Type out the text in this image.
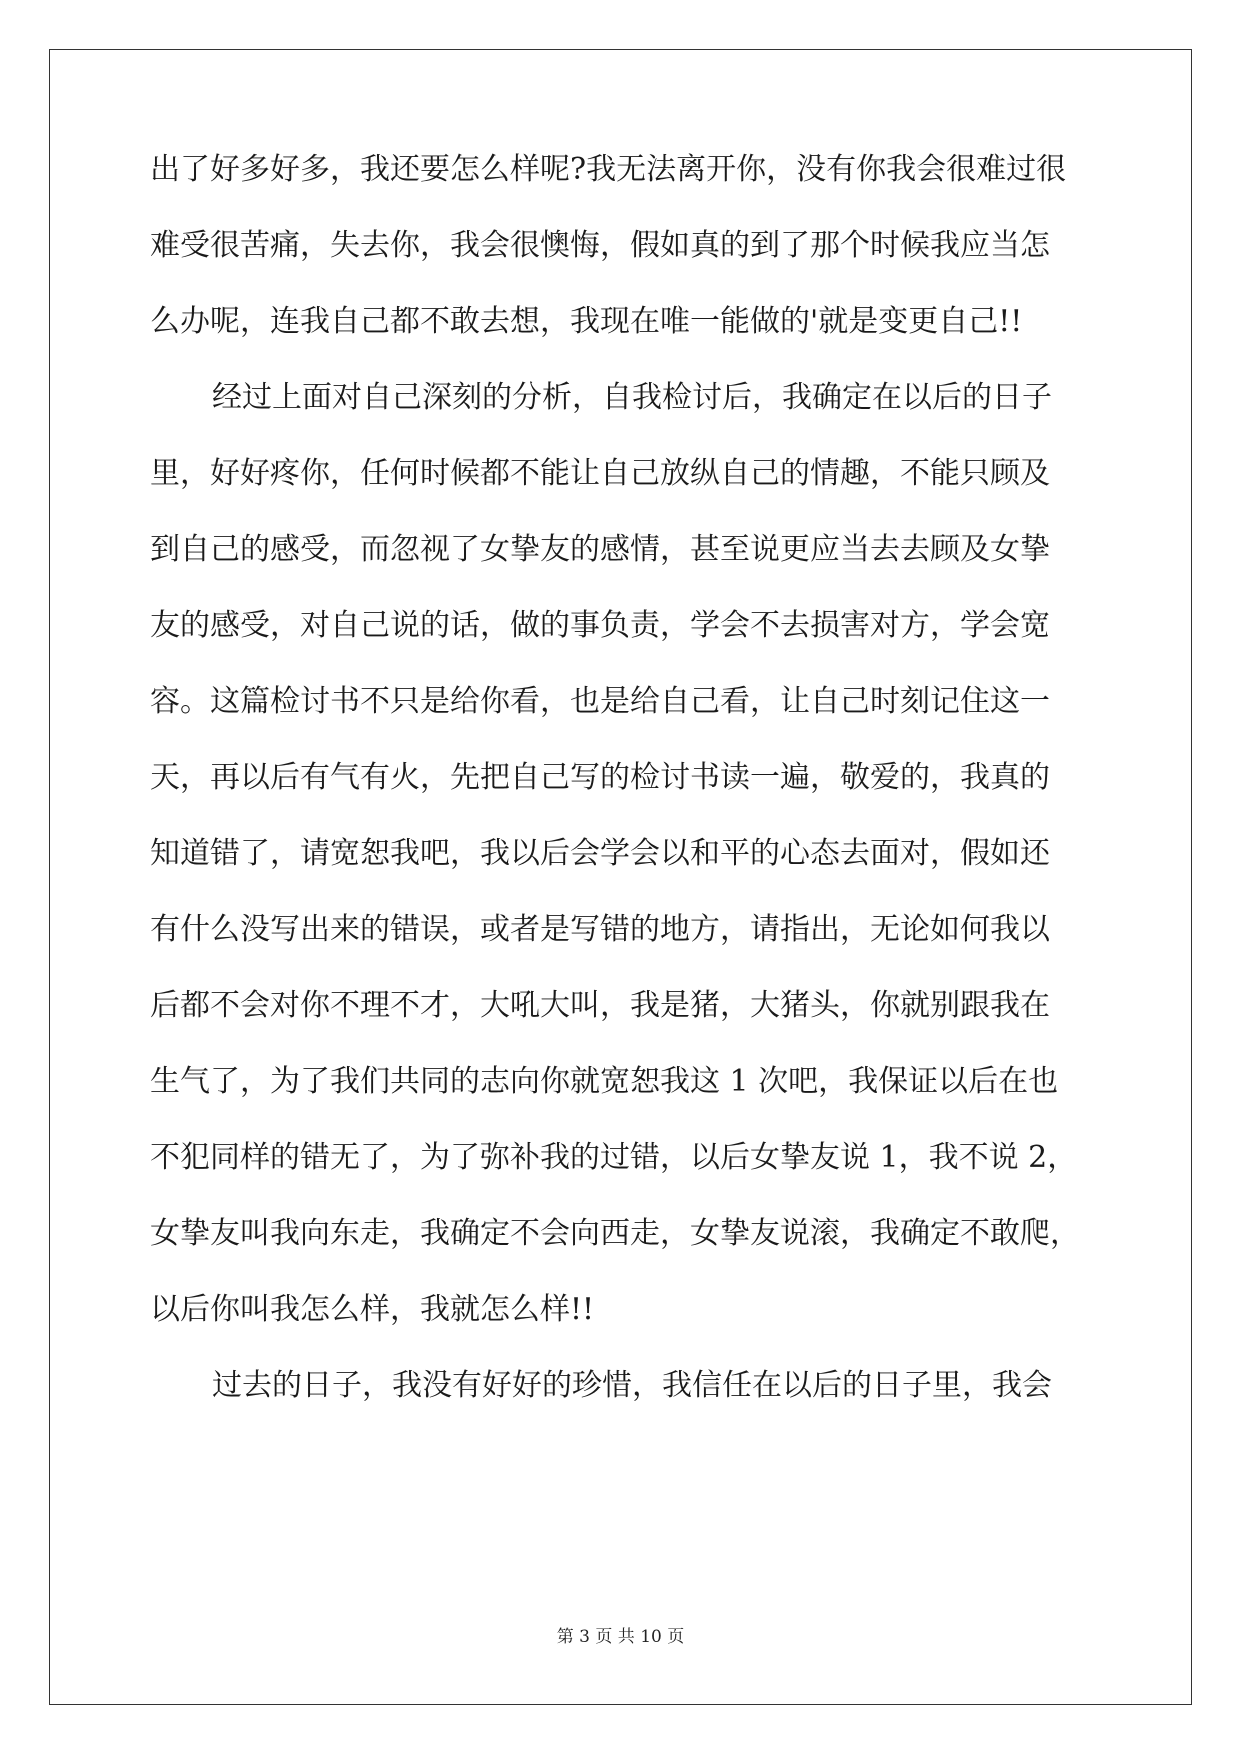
出了好多好多，我还要怎么样呢?我无法离开你，没有你我会很难过很
难受很苦痛，失去你，我会很懊悔，假如真的到了那个时候我应当怎
么办呢，连我自己都不敢去想，我现在唯一能做的'就是变更自己!!
经过上面对自己深刻的分析，自我检讨后，我确定在以后的日子
里，好好疼你，任何时候都不能让自己放纵自己的情趣，不能只顾及
到自己的感受，而忽视了女挚友的感情，甚至说更应当去去顾及女挚
友的感受，对自己说的话，做的事负责，学会不去损害对方，学会宽
容。这篇检讨书不只是给你看，也是给自己看，让自己时刻记住这一
天，再以后有气有火，先把自己写的检讨书读一遍，敬爱的，我真的
知道错了，请宽恕我吧，我以后会学会以和平的心态去面对，假如还
有什么没写出来的错误，或者是写错的地方，请指出，无论如何我以
后都不会对你不理不才，大吼大叫，我是猪，大猪头，你就别跟我在
生气了，为了我们共同的志向你就宽恕我这 1 次吧，我保证以后在也
不犯同样的错无了，为了弥补我的过错，以后女挚友说 1，我不说 2，
女挚友叫我向东走，我确定不会向西走，女挚友说滚，我确定不敢爬，
以后你叫我怎么样，我就怎么样!!
过去的日子，我没有好好的珍惜，我信任在以后的日子里，我会
第 3 页 共 10 页
